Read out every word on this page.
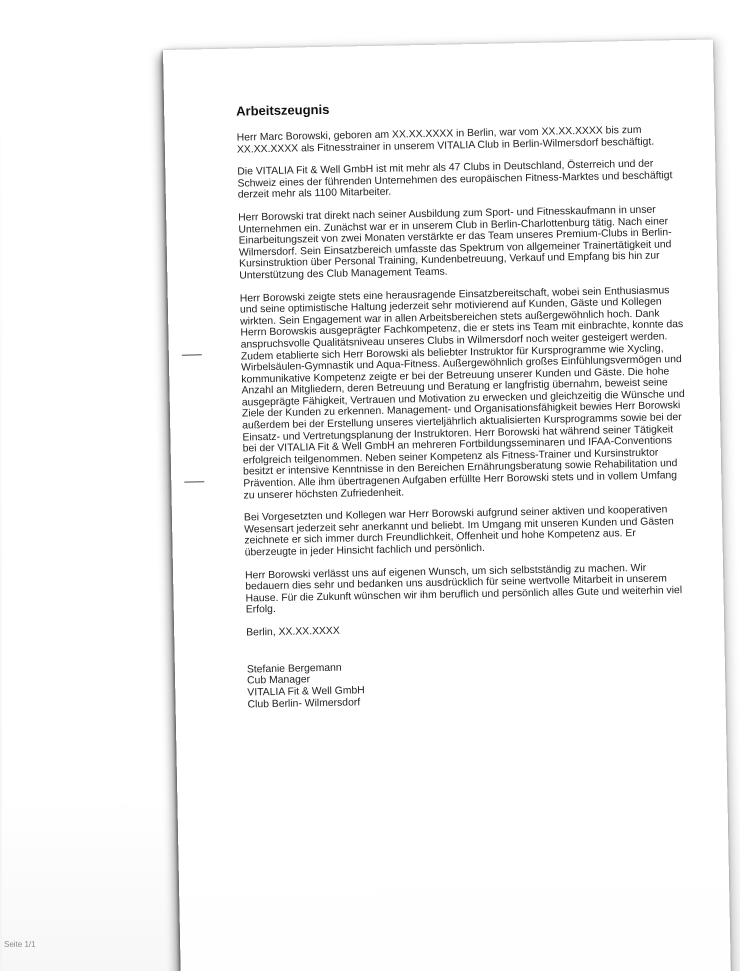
Arbeitszeugnis

Herr Marc Borowski, geboren am XX.XX.XXXX in Berlin, war vom XX.XX.XXXX bis zum XX.XX.XXXX als Fitnesstrainer in unserem VITALIA Club in Berlin-Wilmersdorf beschäftigt.

Die VITALIA Fit & Well GmbH ist mit mehr als 47 Clubs in Deutschland, Österreich und der Schweiz eines der führenden Unternehmen des europäischen Fitness-Marktes und beschäftigt derzeit mehr als 1100 Mitarbeiter.

Herr Borowski trat direkt nach seiner Ausbildung zum Sport- und Fitnesskaufmann in unser Unternehmen ein. Zunächst war er in unserem Club in Berlin-Charlottenburg tätig. Nach einer Einarbeitungszeit von zwei Monaten verstärkte er das Team unseres Premium-Clubs in Berlin-Wilmersdorf. Sein Einsatzbereich umfasste das Spektrum von allgemeiner Trainertätigkeit und Kursinstruktion über Personal Training, Kundenbetreuung, Verkauf und Empfang bis hin zur Unterstützung des Club Management Teams.

Herr Borowski zeigte stets eine herausragende Einsatzbereitschaft, wobei sein Enthusiasmus und seine optimistische Haltung jederzeit sehr motivierend auf Kunden, Gäste und Kollegen wirkten. Sein Engagement war in allen Arbeitsbereichen stets außergewöhnlich hoch. Dank Herrn Borowskis ausgeprägter Fachkompetenz, die er stets ins Team mit einbrachte, konnte das anspruchsvolle Qualitätsniveau unseres Clubs in Wilmersdorf noch weiter gesteigert werden. Zudem etablierte sich Herr Borowski als beliebter Instruktor für Kursprogramme wie Xycling, Wirbelsäulen-Gymnastik und Aqua-Fitness. Außergewöhnlich großes Einfühlungsvermögen und kommunikative Kompetenz zeigte er bei der Betreuung unserer Kunden und Gäste. Die hohe Anzahl an Mitgliedern, deren Betreuung und Beratung er langfristig übernahm, beweist seine ausgeprägte Fähigkeit, Vertrauen und Motivation zu erwecken und gleichzeitig die Wünsche und Ziele der Kunden zu erkennen. Management- und Organisationsfähigkeit bewies Herr Borowski außerdem bei der Erstellung unseres vierteljährlich aktualisierten Kursprogramms sowie bei der Einsatz- und Vertretungsplanung der Instruktoren. Herr Borowski hat während seiner Tätigkeit bei der VITALIA Fit & Well GmbH an mehreren Fortbildungsseminaren und IFAA-Conventions erfolgreich teilgenommen. Neben seiner Kompetenz als Fitness-Trainer und Kursinstruktor besitzt er intensive Kenntnisse in den Bereichen Ernährungsberatung sowie Rehabilitation und Prävention. Alle ihm übertragenen Aufgaben erfüllte Herr Borowski stets und in vollem Umfang zu unserer höchsten Zufriedenheit.

Bei Vorgesetzten und Kollegen war Herr Borowski aufgrund seiner aktiven und kooperativen Wesensart jederzeit sehr anerkannt und beliebt. Im Umgang mit unseren Kunden und Gästen zeichnete er sich immer durch Freundlichkeit, Offenheit und hohe Kompetenz aus. Er überzeugte in jeder Hinsicht fachlich und persönlich.

Herr Borowski verlässt uns auf eigenen Wunsch, um sich selbstständig zu machen. Wir bedauern dies sehr und bedanken uns ausdrücklich für seine wertvolle Mitarbeit in unserem Hause. Für die Zukunft wünschen wir ihm beruflich und persönlich alles Gute und weiterhin viel Erfolg.

Berlin, XX.XX.XXXX

Stefanie Bergemann
Cub Manager
VITALIA Fit & Well GmbH
Club Berlin- Wilmersdorf
Seite 1/1
